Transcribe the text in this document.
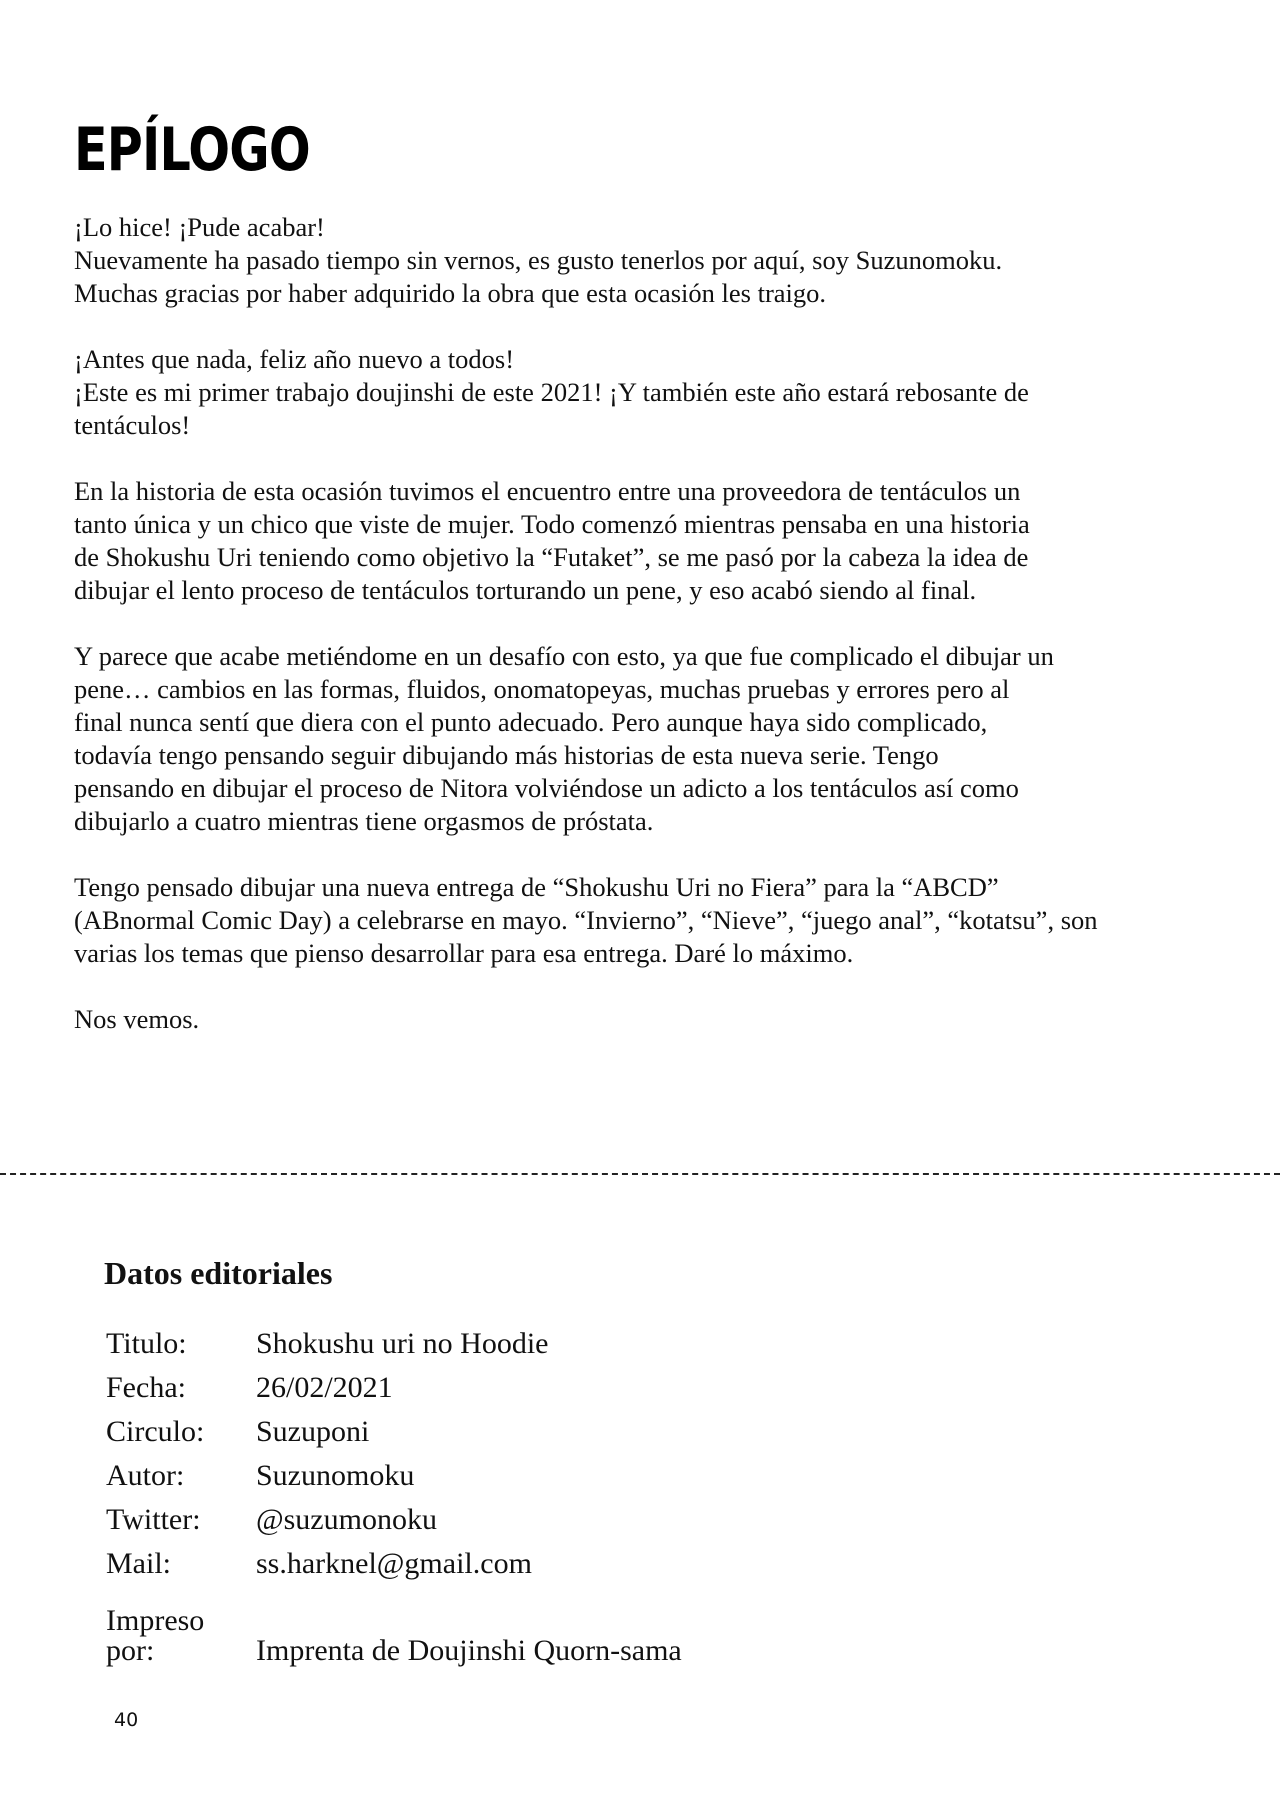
EPÍLOGO

¡Lo hice! ¡Pude acabar!
Nuevamente ha pasado tiempo sin vernos, es gusto tenerlos por aquí, soy Suzunomoku.
Muchas gracias por haber adquirido la obra que esta ocasión les traigo.

¡Antes que nada, feliz año nuevo a todos!
¡Este es mi primer trabajo doujinshi de este 2021! ¡Y también este año estará rebosante de
tentáculos!

En la historia de esta ocasión tuvimos el encuentro entre una proveedora de tentáculos un
tanto única y un chico que viste de mujer. Todo comenzó mientras pensaba en una historia
de Shokushu Uri teniendo como objetivo la “Futaket”, se me pasó por la cabeza la idea de
dibujar el lento proceso de tentáculos torturando un pene, y eso acabó siendo al final.

Y parece que acabe metiéndome en un desafío con esto, ya que fue complicado el dibujar un
pene… cambios en las formas, fluidos, onomatopeyas, muchas pruebas y errores pero al
final nunca sentí que diera con el punto adecuado. Pero aunque haya sido complicado,
todavía tengo pensando seguir dibujando más historias de esta nueva serie. Tengo
pensando en dibujar el proceso de Nitora volviéndose un adicto a los tentáculos así como
dibujarlo a cuatro mientras tiene orgasmos de próstata.

Tengo pensado dibujar una nueva entrega de “Shokushu Uri no Fiera” para la “ABCD”
(ABnormal Comic Day) a celebrarse en mayo. “Invierno”, “Nieve”, “juego anal”, “kotatsu”, son
varias los temas que pienso desarrollar para esa entrega. Daré lo máximo.

Nos vemos.

Datos editoriales
Titulo:	Shokushu uri no Hoodie
Fecha:	26/02/2021
Circulo:	Suzuponi
Autor:	Suzunomoku
Twitter:	@suzumonoku
Mail:	ss.harknel@gmail.com
Impreso
por:	Imprenta de Doujinshi Quorn-sama
40
